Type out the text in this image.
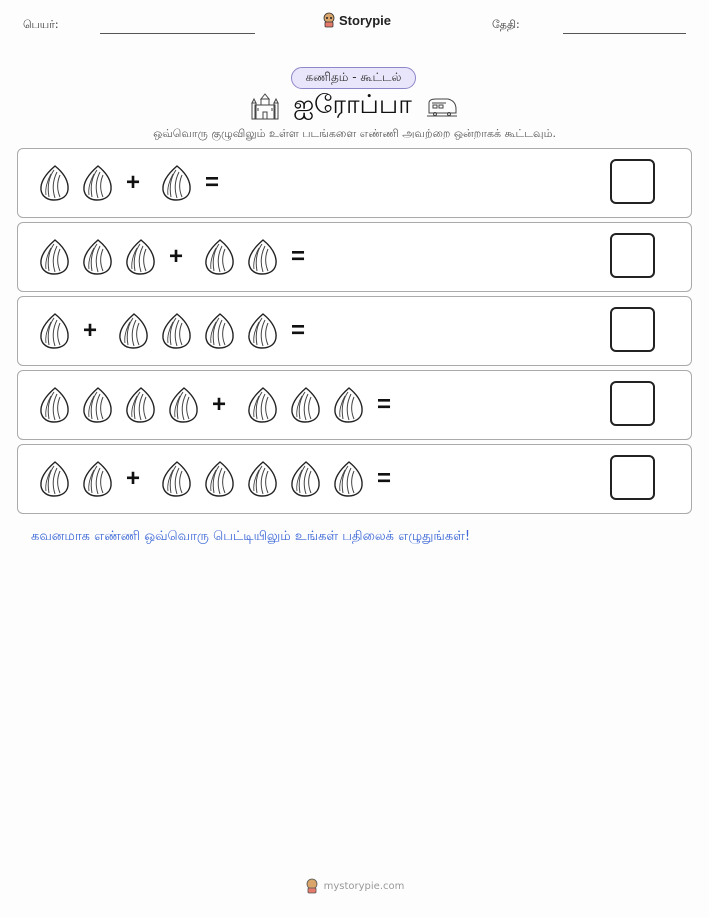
பெயர்:	Storypie	தேதி:
கணிதம் - கூட்டல்
ஐரோப்பா
ஒவ்வொரு குழுவிலும் உள்ள படங்களை எண்ணி அவற்றை ஒன்றாகக் கூட்டவும்.
+	=
+	=
+	=
+	=
+	=
கவனமாக எண்ணி ஒவ்வொரு பெட்டியிலும் உங்கள் பதிலைக் எழுதுங்கள்!
mystorypie.com
